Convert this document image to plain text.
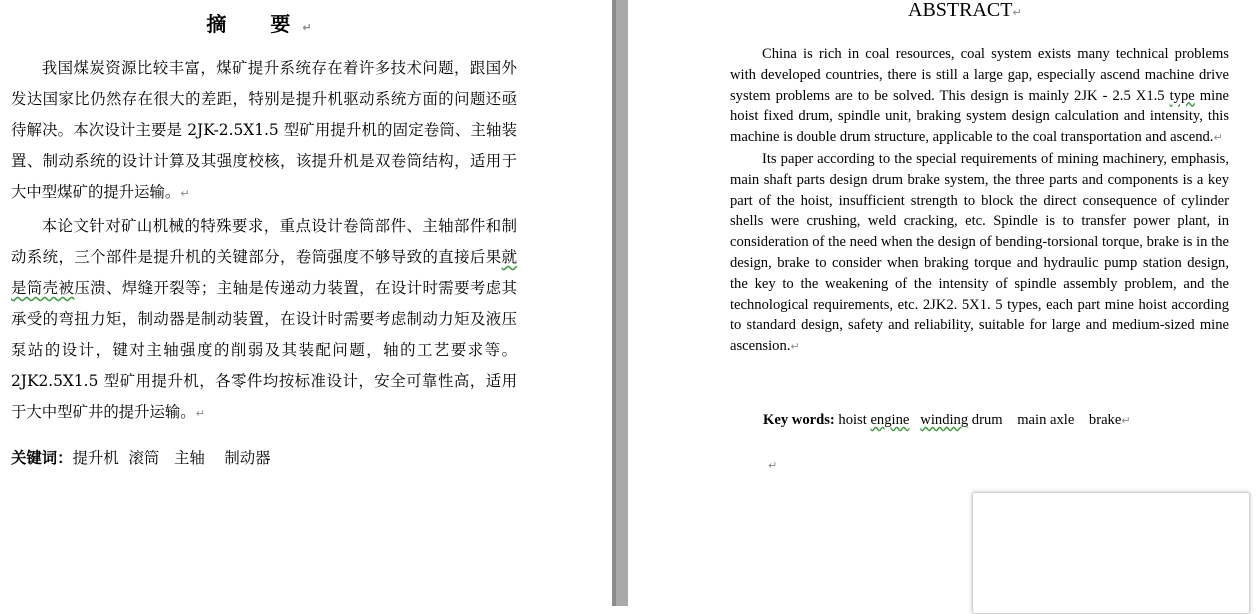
摘　要↵

我国煤炭资源比较丰富，煤矿提升系统存在着许多技术问题，跟国外发达国家比仍然存在很大的差距，特别是提升机驱动系统方面的问题还亟待解决。本次设计主要是 2JK-2.5X1.5 型矿用提升机的固定卷筒、主轴装置、制动系统的设计计算及其强度校核，该提升机是双卷筒结构，适用于大中型煤矿的提升运输。↵

本论文针对矿山机械的特殊要求，重点设计卷筒部件、主轴部件和制动系统，三个部件是提升机的关键部分，卷筒强度不够导致的直接后果就是筒壳被压溃、焊缝开裂等；主轴是传递动力装置，在设计时需要考虑其承受的弯扭力矩，制动器是制动装置，在设计时需要考虑制动力矩及液压泵站的设计，键对主轴强度的削弱及其装配问题，轴的工艺要求等。2JK2.5X1.5 型矿用提升机，各零件均按标准设计，安全可靠性高，适用于大中型矿井的提升运输。↵

关键词：提升机  滚筒   主轴    制动器
ABSTRACT↵

China is rich in coal resources, coal system exists many technical problems with developed countries, there is still a large gap, especially ascend machine drive system problems are to be solved. This design is mainly 2JK - 2.5 X1.5 type mine hoist fixed drum, spindle unit, braking system design calculation and intensity, this machine is double drum structure, applicable to the coal transportation and ascend.↵

Its paper according to the special requirements of mining machinery, emphasis, main shaft parts design drum brake system, the three parts and components is a key part of the hoist, insufficient strength to block the direct consequence of cylinder shells were crushing, weld cracking, etc. Spindle is to transfer power plant, in consideration of the need when the design of bending-torsional torque, brake is in the design, brake to consider when braking torque and hydraulic pump station design, the key to the weakening of the intensity of spindle assembly problem, and the technological requirements, etc. 2JK2. 5X1. 5 types, each part mine hoist according to standard design, safety and reliability, suitable for large and medium-sized mine ascension.↵

Key words: hoist engine winding drum    main axle    brake↵
↵
